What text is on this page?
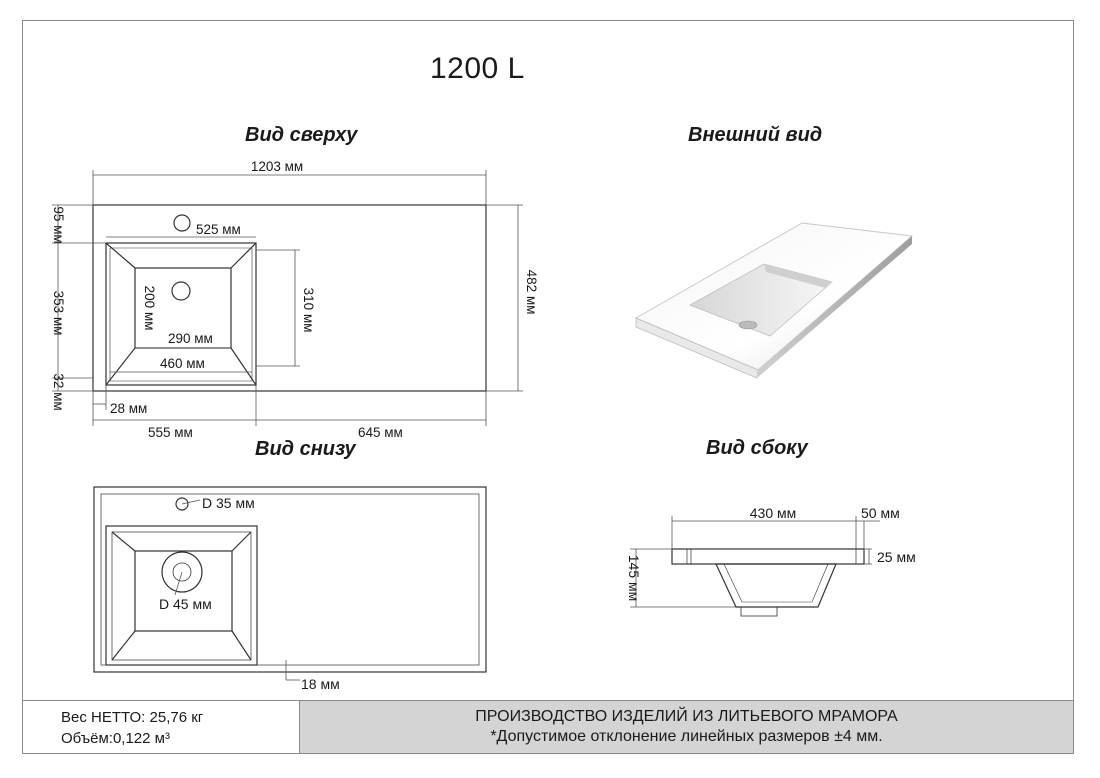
1200 L
Вид сверху	Внешний вид
Вид снизу	Вид сбоку
1203 мм
525 мм
290 мм
460 мм
28 мм
555 мм	645 мм
482 мм
310 мм
200 мм
95 мм
353 мм
32 мм
D 35 мм
D 45 мм
18 мм
430 мм	50 мм
25 мм
145 мм
Вес НЕТТО: 25,76 кг
Объём:0,122 м³
ПРОИЗВОДСТВО ИЗДЕЛИЙ ИЗ ЛИТЬЕВОГО МРАМОРА
*Допустимое отклонение линейных размеров ±4 мм.
